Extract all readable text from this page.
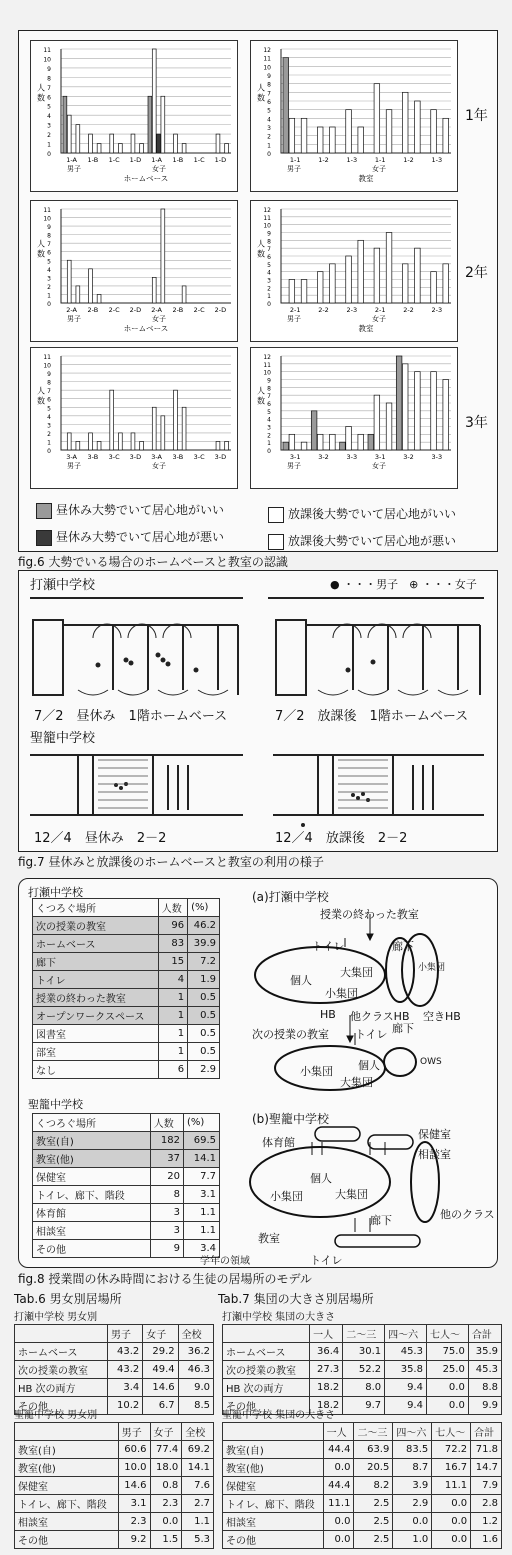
0
1
2
3
4
5
6
7
8
9
10
11
人
数
1-A 1-B 1-C 1-D 1-A 1-B 1-C 1-D
男子	女子
ホームベース
0
1
2
3
4
5
6
7
8
9
10
11
12
人
数
1-1	1-2	1-3	1-1	1-2	1-3
男子	女子
教室
0
1
2
3
4
5
6
7
8
9
10
11
人
数
2-A 2-B 2-C 2-D 2-A 2-B 2-C 2-D
男子	女子
ホームベース
0
1
2
3
4
5
6
7
8
9
10
11
12
人
数
2-1	2-2	2-3	2-1	2-2	2-3
男子	女子
教室
0
1
2
3
4
5
6
7
8
9
10
11
人
数
3-A 3-B 3-C 3-D 3-A 3-B 3-C 3-D
男子	女子
0
1
2
3
4
5
6
7
8
9
10
11
12
人
数
3-1	3-2	3-3	3-1	3-2	3-3
男子	女子
1年
2年
3年
昼休み大勢でいて居心地がいい	放課後大勢でいて居心地がいい
昼休み大勢でいて居心地が悪い	放課後大勢でいて居心地が悪い
fig.6 大勢でいる場合のホームベースと教室の認識
打瀬中学校	● ・・・男子　⊕ ・・・女子
7／2　昼休み　1階ホームベース	7／2　放課後　1階ホームベース
聖籠中学校
12／4　昼休み　2－2	12／4　放課後　2－2
fig.7 昼休みと放課後のホームベースと教室の利用の様子
打瀬中学校
くつろぐ場所	人数	(%)
次の授業の教室	96	46.2
ホームベース	83	39.9
廊下	15	7.2
トイレ	4	1.9
授業の終わった教室	1	0.5
オープンワークスペース	1	0.5
図書室	1	0.5
部室	1	0.5
なし	6	2.9
聖籠中学校
くつろぐ場所	人数	(%)
教室(自)	182	69.5
教室(他)	37	14.1
保健室	20	7.7
トイレ、廊下、階段	8	3.1
体育館	3	1.1
相談室	3	1.1
その他	9	3.4
学年の領域
(a)打瀬中学校
授業の終わった教室
トイレ	廊下
個人
大集団
小集団
小集団
HB 他クラスHB 空きHB
次の授業の教室 トイレ 廊下
小集団 個人
大集団
OWS
(b)聖籠中学校
体育館
保健室
相談室
個人
小集団	大集団
廊下	他のクラス
教室
トイレ
fig.8 授業間の休み時間における生徒の居場所のモデル
Tab.6 男女別居場所	Tab.7 集団の大きさ別居場所
打瀬中学校 男女別
	男子	女子	全校
ホームベース	43.2	29.2	36.2
次の授業の教室	43.2	49.4	46.3
HB 次の両方	3.4	14.6	9.0
その他	10.2	6.7	8.5
聖籠中学校 男女別
	男子	女子	全校
教室(自)	60.6	77.4	69.2
教室(他)	10.0	18.0	14.1
保健室	14.6	0.8	7.6
トイレ、廊下、階段	3.1	2.3	2.7
相談室	2.3	0.0	1.1
その他	9.2	1.5	5.3
打瀬中学校 集団の大きさ
	一人	二～三	四～六	七人～	合計
ホームベース	36.4	30.1	45.3	75.0	35.9
次の授業の教室	27.3	52.2	35.8	25.0	45.3
HB 次の両方	18.2	8.0	9.4	0.0	8.8
その他	18.2	9.7	9.4	0.0	9.9
聖籠中学校 集団の大きさ
	一人	二～三	四～六	七人～	合計
教室(自)	44.4	63.9	83.5	72.2	71.8
教室(他)	0.0	20.5	8.7	16.7	14.7
保健室	44.4	8.2	3.9	11.1	7.9
トイレ、廊下、階段	11.1	2.5	2.9	0.0	2.8
相談室	0.0	2.5	0.0	0.0	1.2
その他	0.0	2.5	1.0	0.0	1.6
